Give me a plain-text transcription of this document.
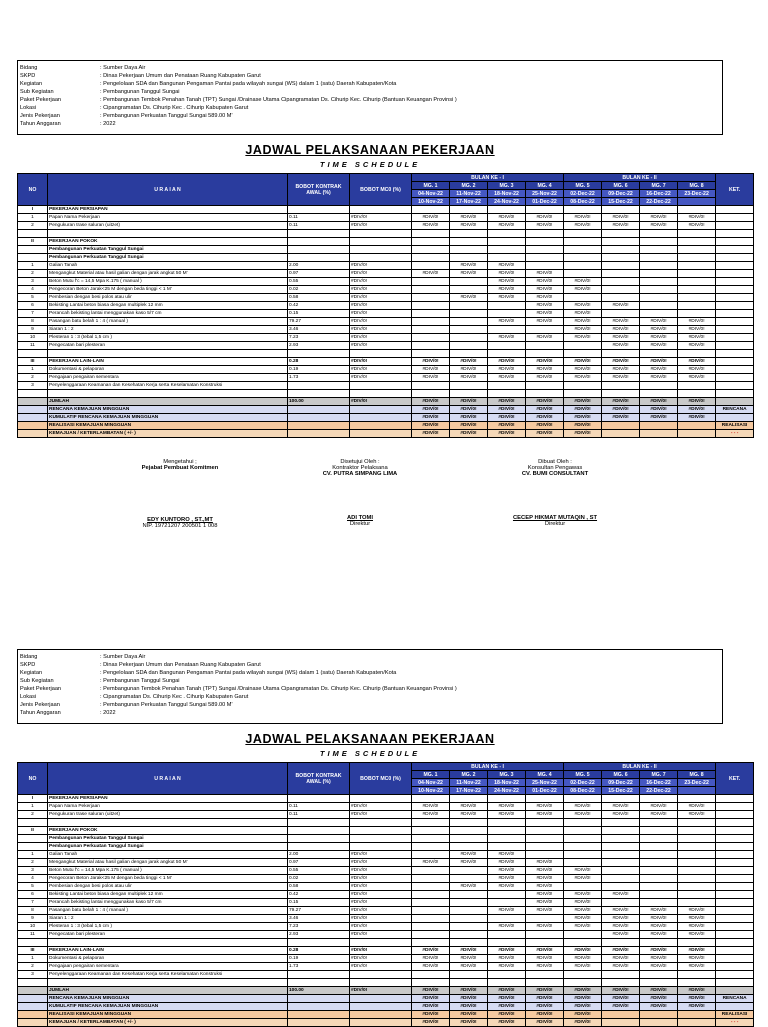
Bidang	: Sumber Daya Air
SKPD	: Dinas Pekerjaan Umum dan Penataan Ruang Kabupaten Garut
Kegiatan	: Pengelolaan SDA dan Bangunan Pengaman Pantai pada wilayah sungai (WS) dalam 1 (satu) Daerah Kabupaten/Kota
Sub Kegiatan	: Pembangunan Tanggul Sungai
Paket Pekerjaan	: Pembangunan Tembok Penahan Tanah (TPT) Sungai /Drainase Utama Cipangramatan Ds. Cihurip Kec. Cihurip (Bantuan Keuangan Provinsi )
Lokasi	: Cipangramatan Ds. Cihurip Kec . Cihurip Kabupaten Garut
Jenis Pekerjaan	: Pembangunan Perkuatan Tanggul Sungai 589.00 M'
Tahun Anggaran	: 2022
JADWAL PELAKSANAAN PEKERJAAN
TIME SCHEDULE
NO	U R A I A N	BOBOT KONTRAK AWAL (%)	BOBOT MC0 (%)	BULAN KE - I				BULAN KE - II				KET.
				MG. 1	MG. 2	MG. 3	MG. 4	MG. 5	MG. 6	MG. 7	MG. 8	
				04-Nov-22	11-Nov-22	18-Nov-22	25-Nov-22	02-Dec-22	09-Dec-22	16-Dec-22	23-Dec-22	
				10-Nov-22	17-Nov-22	24-Nov-22	01-Dec-22	08-Dec-22	15-Dec-22	22-Dec-22		
I	PEKERJAAN PERSIAPAN											
1	Papan Nama Pekerjaan	0.11	#DIV/0!	#DIV/0!	#DIV/0!	#DIV/0!	#DIV/0!	#DIV/0!	#DIV/0!	#DIV/0!	#DIV/0!	
2	Pengukuran trase saluran (uitzet)	0.11	#DIV/0!	#DIV/0!	#DIV/0!	#DIV/0!	#DIV/0!	#DIV/0!	#DIV/0!	#DIV/0!	#DIV/0!	

II	PEKERJAAN POKOK											
	Pembangunan Perkuatan Tanggul Sungai											
	Pembangunan Perkuatan Tanggul Sungai											
1	Galian Tanah	2.00	#DIV/0!		#DIV/0!	#DIV/0!						
2	Mengangkut Material atau hasil galian dengan jarak angkut 50 M'	0.97	#DIV/0!	#DIV/0!	#DIV/0!	#DIV/0!	#DIV/0!					
3	Beton Mutu f'c = 14,5 Mpa K.175 ( manual )	0.55	#DIV/0!			#DIV/0!	#DIV/0!	#DIV/0!				
4	Pengecoran Beton Jarak<25 M dengan beda tinggi < 1 M'	0.02	#DIV/0!			#DIV/0!	#DIV/0!	#DIV/0!				
5	Pembesian dengan besi polos atau ulir	0.58	#DIV/0!		#DIV/0!	#DIV/0!	#DIV/0!					
6	Bekisting Lantai beton biasa dengan multiplek 12 mm	0.42	#DIV/0!				#DIV/0!	#DIV/0!	#DIV/0!			
7	Perancah bekisting lantai menggunakan kaso 5/7 cm	0.15	#DIV/0!				#DIV/0!	#DIV/0!				
8	Pasangan batu belah 1 : 4 ( manual )	79.27	#DIV/0!			#DIV/0!	#DIV/0!	#DIV/0!	#DIV/0!	#DIV/0!	#DIV/0!	
9	Siaran 1 : 2	3.46	#DIV/0!					#DIV/0!	#DIV/0!	#DIV/0!	#DIV/0!	
10	Plesteran 1 : 3 (tebal 1,5 cm )	7.23	#DIV/0!			#DIV/0!	#DIV/0!	#DIV/0!	#DIV/0!	#DIV/0!	#DIV/0!	
11	Pengecatan bari plesteran	2.93	#DIV/0!						#DIV/0!	#DIV/0!	#DIV/0!	

III	PEKERJAAN LAIN-LAIN	0.28	#DIV/0!	#DIV/0!	#DIV/0!	#DIV/0!	#DIV/0!	#DIV/0!	#DIV/0!	#DIV/0!	#DIV/0!	
1	Dokumentasi & pelaporan	0.19	#DIV/0!	#DIV/0!	#DIV/0!	#DIV/0!	#DIV/0!	#DIV/0!	#DIV/0!	#DIV/0!	#DIV/0!	
2	Pengajaan pengairan sementara	1.73	#DIV/0!	#DIV/0!	#DIV/0!	#DIV/0!	#DIV/0!	#DIV/0!	#DIV/0!	#DIV/0!	#DIV/0!	
3	Penyelenggaraan Keamanan dan Kesehatan Kerja serta Keselamatan Konstruksi											

	JUMLAH	100.00	#DIV/0!	#DIV/0!	#DIV/0!	#DIV/0!	#DIV/0!	#DIV/0!	#DIV/0!	#DIV/0!	#DIV/0!	
	RENCANA KEMAJUAN MINGGUAN			#DIV/0!	#DIV/0!	#DIV/0!	#DIV/0!	#DIV/0!	#DIV/0!	#DIV/0!	#DIV/0!	RENCANA
	KUMULATIF RENCANA KEMAJUAN MINGGUAN			#DIV/0!	#DIV/0!	#DIV/0!	#DIV/0!	#DIV/0!	#DIV/0!	#DIV/0!	#DIV/0!	
	REALISASI KEMAJUAN MINGGUAN			#DIV/0!	#DIV/0!	#DIV/0!	#DIV/0!	#DIV/0!				REALISASI
	KEMAJUAN / KETERLAMBATAN ( +/- )			#DIV/0!	#DIV/0!	#DIV/0!	#DIV/0!	#DIV/0!				- - -
Mengetahui ;
Pejabat Pembuat Komitmen
EDY KUNTORO , ST.,MT
NIP. 19721207 200501 1 008
Disetujui Oleh :
Kontraktor Pelaksana
CV. PUTRA SIMPANG LIMA
ADI TOMI
Direktur
Dibuat Oleh :
Konsultan Pengawas
CV. BUMI CONSULTANT
CECEP HIKMAT MUTAQIN , ST
Direktur
Bidang	: Sumber Daya Air
SKPD	: Dinas Pekerjaan Umum dan Penataan Ruang Kabupaten Garut
Kegiatan	: Pengelolaan SDA dan Bangunan Pengaman Pantai pada wilayah sungai (WS) dalam 1 (satu) Daerah Kabupaten/Kota
Sub Kegiatan	: Pembangunan Tanggul Sungai
Paket Pekerjaan	: Pembangunan Tembok Penahan Tanah (TPT) Sungai /Drainase Utama Cipangramatan Ds. Cihurip Kec. Cihurip (Bantuan Keuangan Provinsi )
Lokasi	: Cipangramatan Ds. Cihurip Kec . Cihurip Kabupaten Garut
Jenis Pekerjaan	: Pembangunan Perkuatan Tanggul Sungai 589.00 M'
Tahun Anggaran	: 2022
JADWAL PELAKSANAAN PEKERJAAN
TIME SCHEDULE
NO	U R A I A N	BOBOT KONTRAK AWAL (%)	BOBOT MC0 (%)	BULAN KE - I				BULAN KE - II				KET.
				MG. 1	MG. 2	MG. 3	MG. 4	MG. 5	MG. 6	MG. 7	MG. 8	
				04-Nov-22	11-Nov-22	18-Nov-22	25-Nov-22	02-Dec-22	09-Dec-22	16-Dec-22	23-Dec-22	
				10-Nov-22	17-Nov-22	24-Nov-22	01-Dec-22	08-Dec-22	15-Dec-22	22-Dec-22		
I	PEKERJAAN PERSIAPAN											
1	Papan Nama Pekerjaan	0.11	#DIV/0!	#DIV/0!	#DIV/0!	#DIV/0!	#DIV/0!	#DIV/0!	#DIV/0!	#DIV/0!	#DIV/0!	
2	Pengukuran trase saluran (uitzet)	0.11	#DIV/0!	#DIV/0!	#DIV/0!	#DIV/0!	#DIV/0!	#DIV/0!	#DIV/0!	#DIV/0!	#DIV/0!	

II	PEKERJAAN POKOK											
	Pembangunan Perkuatan Tanggul Sungai											
	Pembangunan Perkuatan Tanggul Sungai											
1	Galian Tanah	2.00	#DIV/0!		#DIV/0!	#DIV/0!						
2	Mengangkut Material atau hasil galian dengan jarak angkut 50 M'	0.97	#DIV/0!	#DIV/0!	#DIV/0!	#DIV/0!	#DIV/0!					
3	Beton Mutu f'c = 14,5 Mpa K.175 ( manual )	0.55	#DIV/0!			#DIV/0!	#DIV/0!	#DIV/0!				
4	Pengecoran Beton Jarak<25 M dengan beda tinggi < 1 M'	0.02	#DIV/0!			#DIV/0!	#DIV/0!	#DIV/0!				
5	Pembesian dengan besi polos atau ulir	0.58	#DIV/0!		#DIV/0!	#DIV/0!	#DIV/0!					
6	Bekisting Lantai beton biasa dengan multiplek 12 mm	0.42	#DIV/0!				#DIV/0!	#DIV/0!	#DIV/0!			
7	Perancah bekisting lantai menggunakan kaso 5/7 cm	0.15	#DIV/0!				#DIV/0!	#DIV/0!				
8	Pasangan batu belah 1 : 4 ( manual )	79.27	#DIV/0!			#DIV/0!	#DIV/0!	#DIV/0!	#DIV/0!	#DIV/0!	#DIV/0!	
9	Siaran 1 : 2	3.46	#DIV/0!					#DIV/0!	#DIV/0!	#DIV/0!	#DIV/0!	
10	Plesteran 1 : 3 (tebal 1,5 cm )	7.23	#DIV/0!			#DIV/0!	#DIV/0!	#DIV/0!	#DIV/0!	#DIV/0!	#DIV/0!	
11	Pengecatan bari plesteran	2.93	#DIV/0!						#DIV/0!	#DIV/0!	#DIV/0!	

III	PEKERJAAN LAIN-LAIN	0.28	#DIV/0!	#DIV/0!	#DIV/0!	#DIV/0!	#DIV/0!	#DIV/0!	#DIV/0!	#DIV/0!	#DIV/0!	
1	Dokumentasi & pelaporan	0.19	#DIV/0!	#DIV/0!	#DIV/0!	#DIV/0!	#DIV/0!	#DIV/0!	#DIV/0!	#DIV/0!	#DIV/0!	
2	Pengajaan pengairan sementara	1.73	#DIV/0!	#DIV/0!	#DIV/0!	#DIV/0!	#DIV/0!	#DIV/0!	#DIV/0!	#DIV/0!	#DIV/0!	
3	Penyelenggaraan Keamanan dan Kesehatan Kerja serta Keselamatan Konstruksi											

	JUMLAH	100.00	#DIV/0!	#DIV/0!	#DIV/0!	#DIV/0!	#DIV/0!	#DIV/0!	#DIV/0!	#DIV/0!	#DIV/0!	
	RENCANA KEMAJUAN MINGGUAN			#DIV/0!	#DIV/0!	#DIV/0!	#DIV/0!	#DIV/0!	#DIV/0!	#DIV/0!	#DIV/0!	RENCANA
	KUMULATIF RENCANA KEMAJUAN MINGGUAN			#DIV/0!	#DIV/0!	#DIV/0!	#DIV/0!	#DIV/0!	#DIV/0!	#DIV/0!	#DIV/0!	
	REALISASI KEMAJUAN MINGGUAN			#DIV/0!	#DIV/0!	#DIV/0!	#DIV/0!	#DIV/0!				REALISASI
	KEMAJUAN / KETERLAMBATAN ( +/- )			#DIV/0!	#DIV/0!	#DIV/0!	#DIV/0!	#DIV/0!				- - -
